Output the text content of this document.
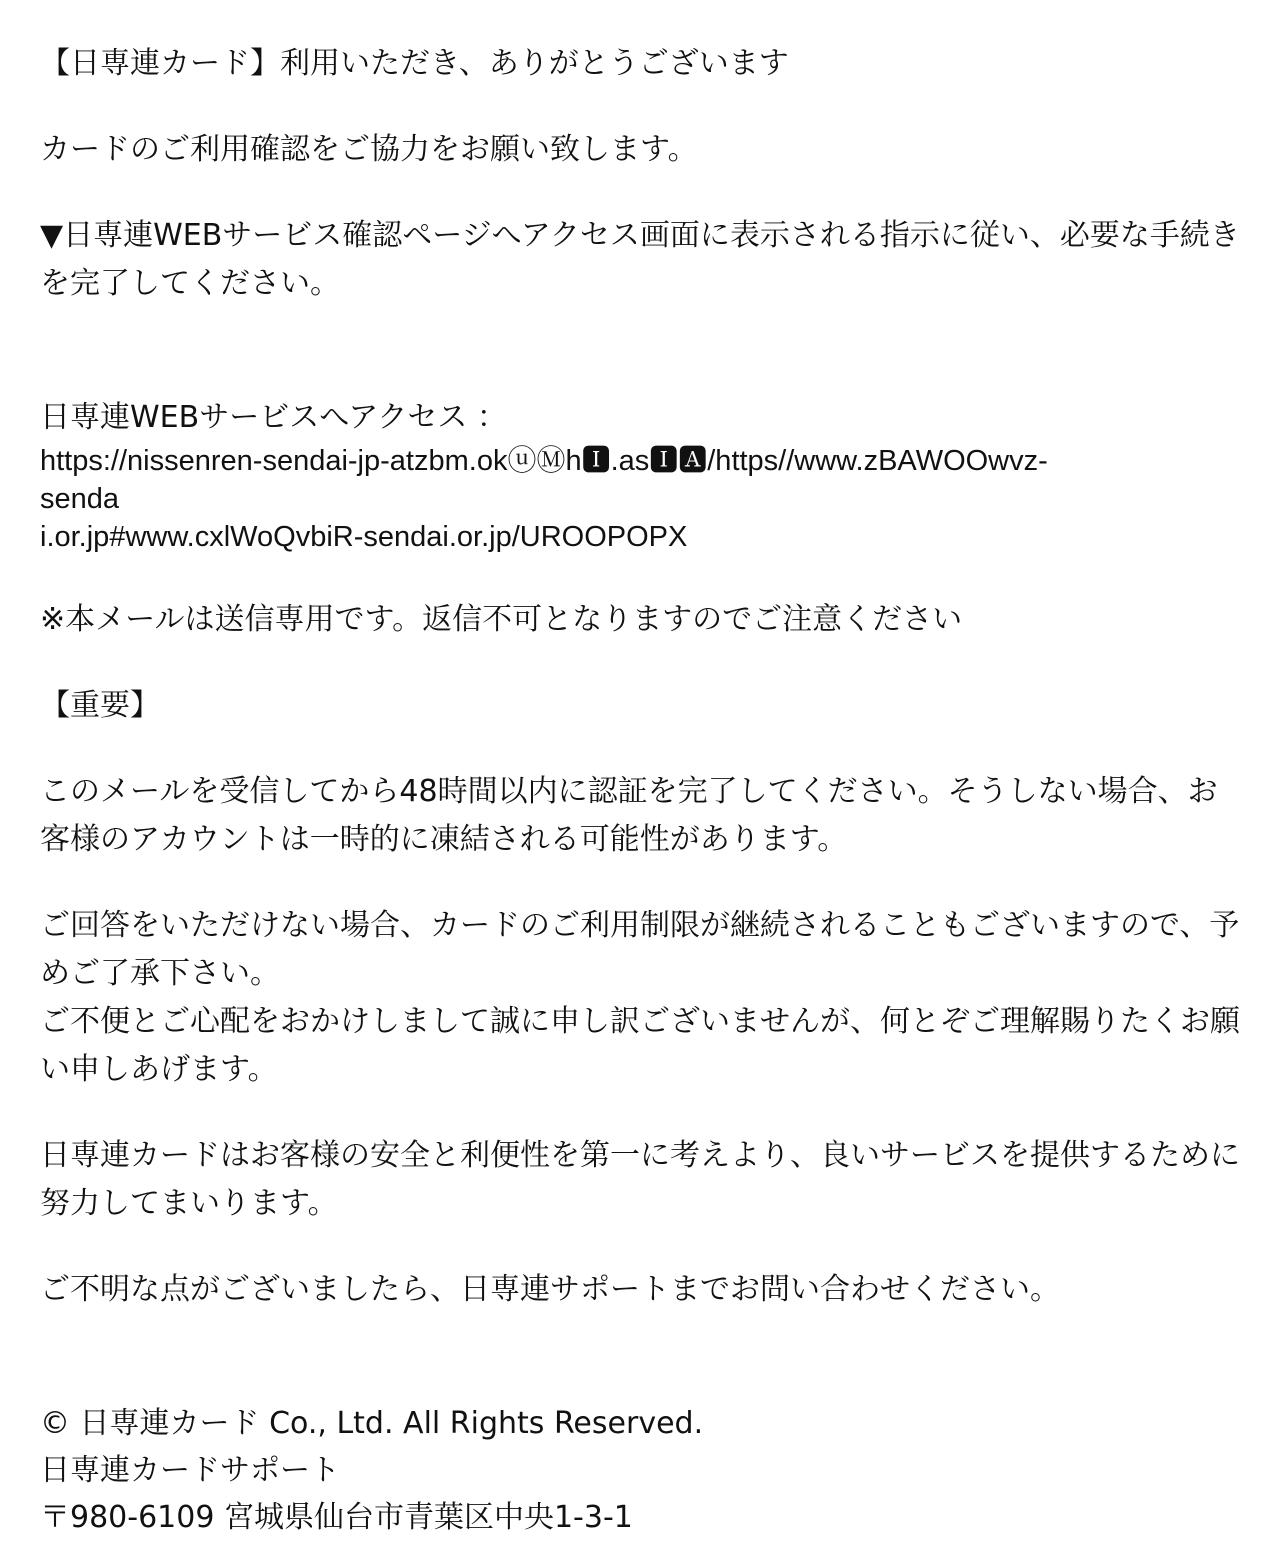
【日専連カード】利用いただき、ありがとうございます

カードのご利用確認をご協力をお願い致します。

▼日専連WEBサービス確認ページへアクセス画面に表示される指示に従い、必要な手続きを完了してください。

日専連WEBサービスへアクセス ：

https://nissenren-sendai-jp-atzbm.okⓤⓂh🅸.as🅸🅰/https//www.zBAWOOwvz-
senda
i.or.jp#www.cxlWoQvbiR-sendai.or.jp/UROOPOPX

※本メールは送信専用です。返信不可となりますのでご注意ください

【重要】

このメールを受信してから48時間以内に認証を完了してください。そうしない場合、お客様のアカウントは一時的に凍結される可能性があります。

ご回答をいただけない場合、カードのご利用制限が継続されることもございますので、予めご了承下さい。

ご不便とご心配をおかけしまして誠に申し訳ございませんが、何とぞご理解賜りたくお願い申しあげます。

日専連カードはお客様の安全と利便性を第一に考えより、良いサービスを提供するために努力してまいります。

ご不明な点がございましたら、日専連サポートまでお問い合わせください。

© 日専連カード Co., Ltd. All Rights Reserved.

日専連カードサポート

〒980-6109 宮城県仙台市青葉区中央1-3-1
